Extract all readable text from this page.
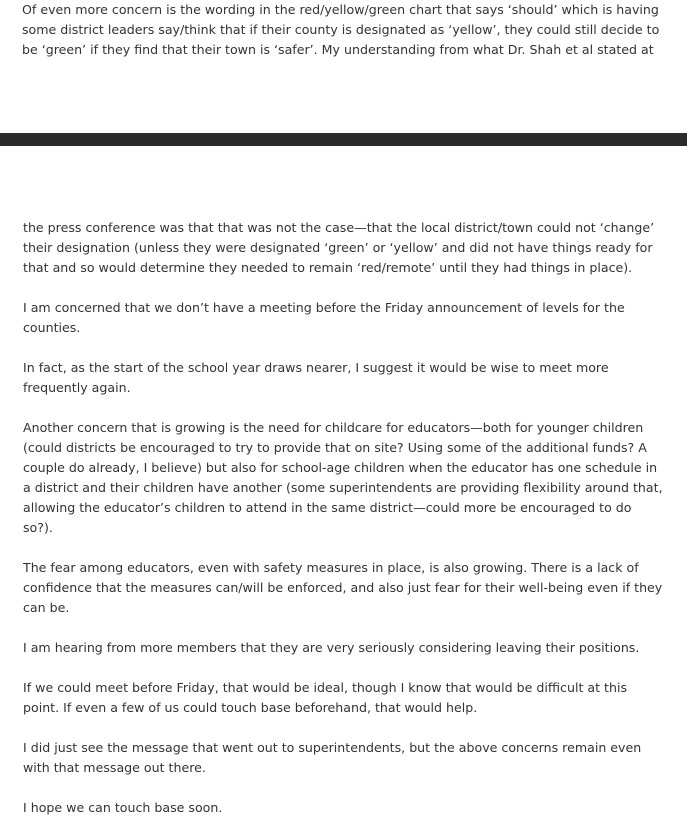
Of even more concern is the wording in the red/yellow/green chart that says ‘should’ which is having some district leaders say/think that if their county is designated as ‘yellow’, they could still decide to be ‘green’ if they find that their town is ‘safer’. My understanding from what Dr. Shah et al stated at

the press conference was that that was not the case—that the local district/town could not ‘change’ their designation (unless they were designated ‘green’ or ‘yellow’ and did not have things ready for that and so would determine they needed to remain ‘red/remote’ until they had things in place).

I am concerned that we don’t have a meeting before the Friday announcement of levels for the counties.

In fact, as the start of the school year draws nearer, I suggest it would be wise to meet more frequently again.

Another concern that is growing is the need for childcare for educators—both for younger children (could districts be encouraged to try to provide that on site? Using some of the additional funds? A couple do already, I believe) but also for school-age children when the educator has one schedule in a district and their children have another (some superintendents are providing flexibility around that, allowing the educator’s children to attend in the same district—could more be encouraged to do so?).

The fear among educators, even with safety measures in place, is also growing. There is a lack of confidence that the measures can/will be enforced, and also just fear for their well-being even if they can be.

I am hearing from more members that they are very seriously considering leaving their positions.

If we could meet before Friday, that would be ideal, though I know that would be difficult at this point. If even a few of us could touch base beforehand, that would help.

I did just see the message that went out to superintendents, but the above concerns remain even with that message out there.

I hope we can touch base soon.
